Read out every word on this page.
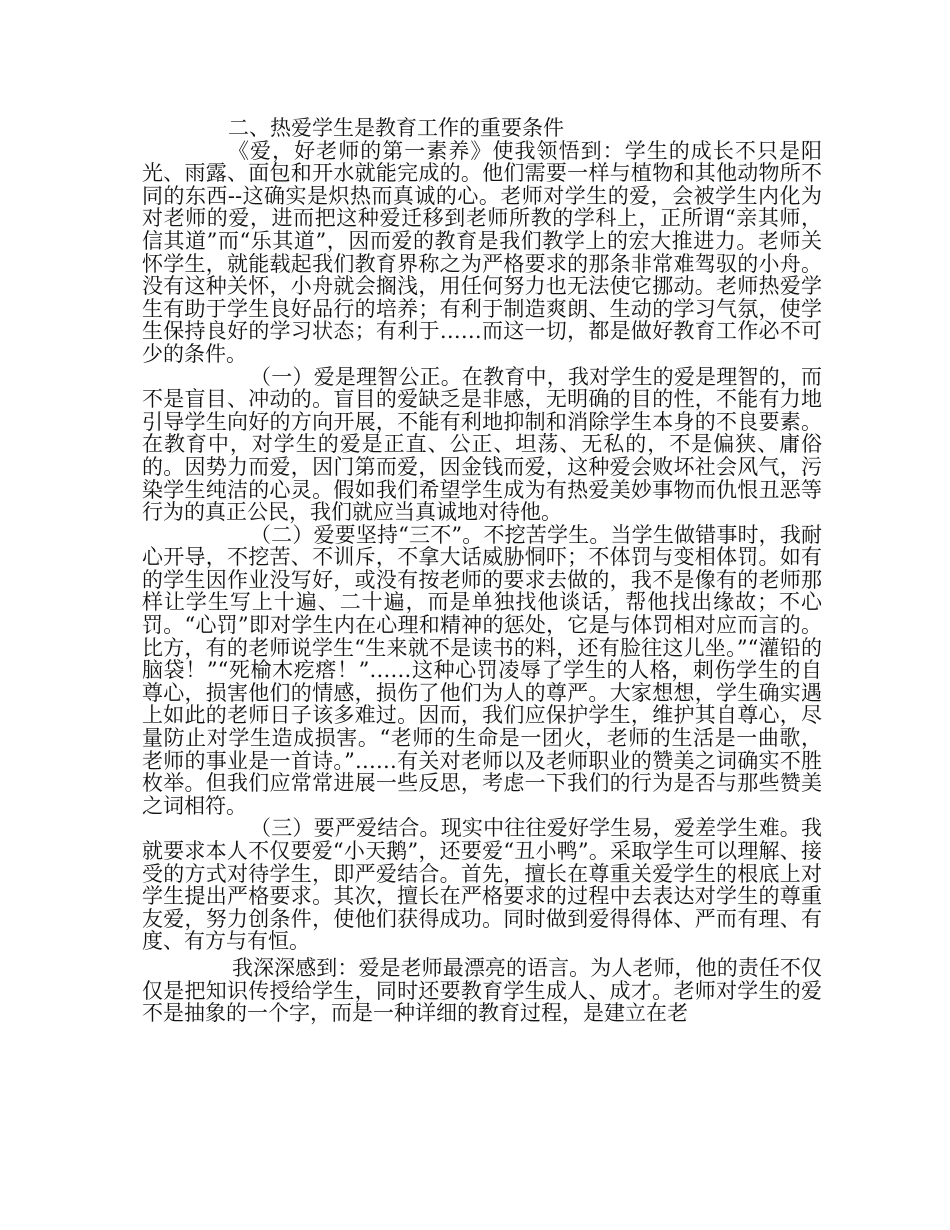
二、热爱学生是教育工作的重要条件

《爱，好老师的第一素养》使我领悟到：学生的成长不只是阳光、雨露、面包和开水就能完成的。他们需要一样与植物和其他动物所不同的东西--这确实是炽热而真诚的心。老师对学生的爱，会被学生内化为对老师的爱，进而把这种爱迁移到老师所教的学科上，正所谓“亲其师，信其道”而“乐其道”，因而爱的教育是我们教学上的宏大推进力。老师关怀学生，就能载起我们教育界称之为严格要求的那条非常难驾驭的小舟。没有这种关怀，小舟就会搁浅，用任何努力也无法使它挪动。老师热爱学生有助于学生良好品行的培养；有利于制造爽朗、生动的学习气氛，使学生保持良好的学习状态；有利于……而这一切，都是做好教育工作必不可少的条件。

（一）爱是理智公正。在教育中，我对学生的爱是理智的，而不是盲目、冲动的。盲目的爱缺乏是非感，无明确的目的性，不能有力地引导学生向好的方向开展，不能有利地抑制和消除学生本身的不良要素。在教育中，对学生的爱是正直、公正、坦荡、无私的，不是偏狭、庸俗的。因势力而爱，因门第而爱，因金钱而爱，这种爱会败坏社会风气，污染学生纯洁的心灵。假如我们希望学生成为有热爱美妙事物而仇恨丑恶等行为的真正公民，我们就应当真诚地对待他。

（二）爱要坚持“三不”。不挖苦学生。当学生做错事时，我耐心开导，不挖苦、不训斥，不拿大话威胁恫吓；不体罚与变相体罚。如有的学生因作业没写好，或没有按老师的要求去做的，我不是像有的老师那样让学生写上十遍、二十遍，而是单独找他谈话，帮他找出缘故；不心罚。“心罚”即对学生内在心理和精神的惩处，它是与体罚相对应而言的。比方，有的老师说学生“生来就不是读书的料，还有脸往这儿坐。”“灌铅的脑袋！”“死榆木疙瘩！”……这种心罚凌辱了学生的人格，刺伤学生的自尊心，损害他们的情感，损伤了他们为人的尊严。大家想想，学生确实遇上如此的老师日子该多难过。因而，我们应保护学生，维护其自尊心，尽量防止对学生造成损害。“老师的生命是一团火，老师的生活是一曲歌，老师的事业是一首诗。”……有关对老师以及老师职业的赞美之词确实不胜枚举。但我们应常常进展一些反思，考虑一下我们的行为是否与那些赞美之词相符。

（三）要严爱结合。现实中往往爱好学生易，爱差学生难。我就要求本人不仅要爱“小天鹅”，还要爱“丑小鸭”。采取学生可以理解、接受的方式对待学生，即严爱结合。首先，擅长在尊重关爱学生的根底上对学生提出严格要求。其次，擅长在严格要求的过程中去表达对学生的尊重友爱，努力创条件，使他们获得成功。同时做到爱得得体、严而有理、有度、有方与有恒。

我深深感到：爱是老师最漂亮的语言。为人老师，他的责任不仅仅是把知识传授给学生，同时还要教育学生成人、成才。老师对学生的爱不是抽象的一个字，而是一种详细的教育过程，是建立在老
